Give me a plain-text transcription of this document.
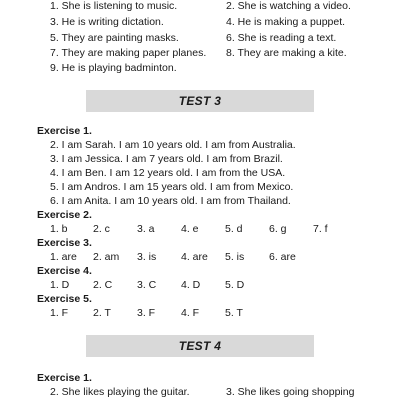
1. She is listening to music.	2. She is watching a video.
3. He is writing dictation.	4. He is making a puppet.
5. They are painting masks.	6. She is reading a text.
7. They are making paper planes. 8. They are making a kite.
9. He is playing badminton.
TEST 3
Exercise 1.
2. I am Sarah. I am 10 years old. I am from Australia.
3. I am Jessica. I am 7 years old. I am from Brazil.
4. I am Ben. I am 12 years old. I am from the USA.
5. I am Andros. I am 15 years old. I am from Mexico.
6. I am Anita. I am 10 years old. I am from Thailand.
Exercise 2.
1. b 2. c	3. a	4. e	5. d	6. g	7. f
Exercise 3.
1. are 2. am 3. is 4. are 5. is 6. are
Exercise 4.
1. D 2. C 3. C 4. D 5. D
Exercise 5.
1. F 2. T 3. F 4. F 5. T
TEST 4
Exercise 1.
2. She likes playing the guitar.	3. She likes going shopping
